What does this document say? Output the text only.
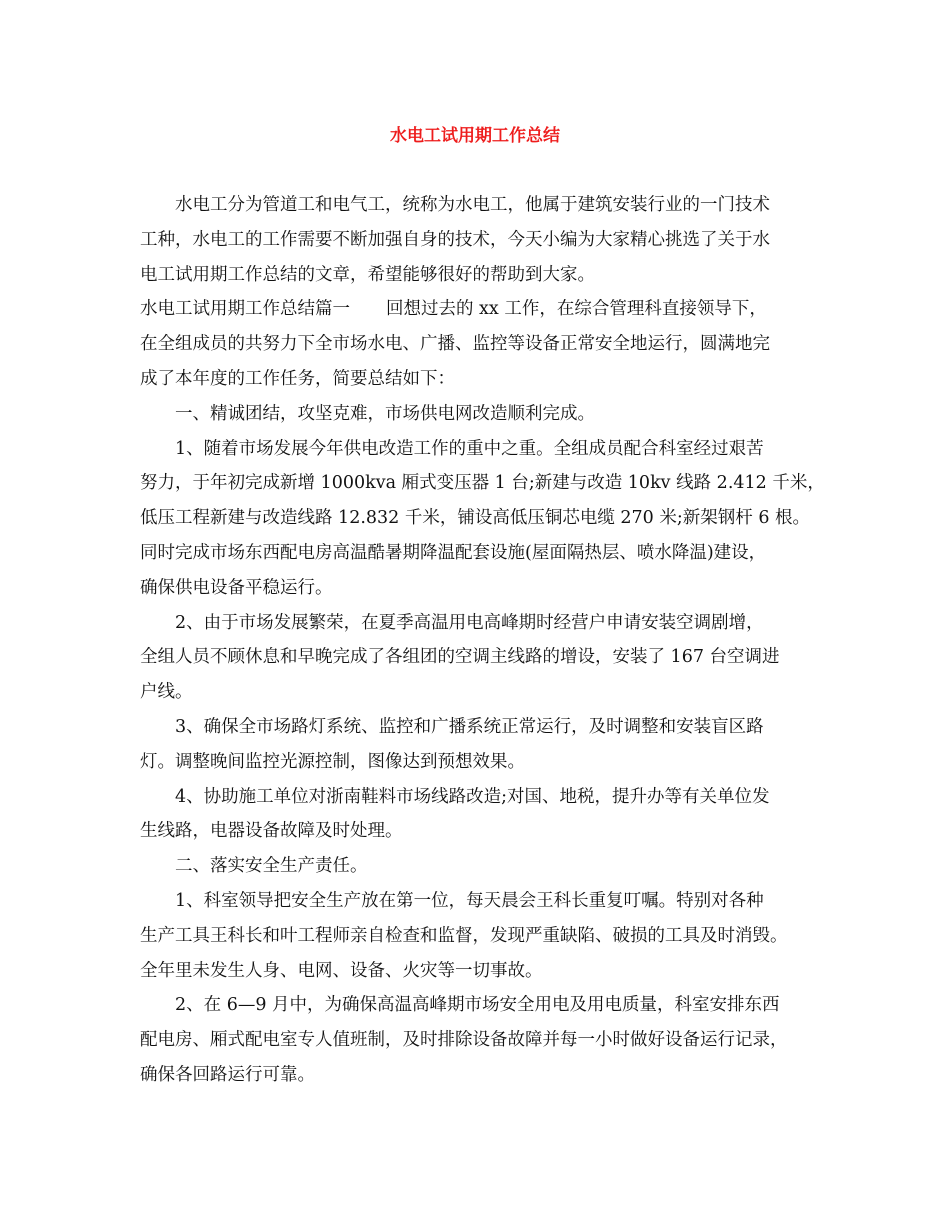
水电工试用期工作总结
水电工分为管道工和电气工，统称为水电工，他属于建筑安装行业的一门技术
工种，水电工的工作需要不断加强自身的技术，今天小编为大家精心挑选了关于水
电工试用期工作总结的文章，希望能够很好的帮助到大家。
水电工试用期工作总结篇一 回想过去的 xx 工作，在综合管理科直接领导下，
在全组成员的共努力下全市场水电、广播、监控等设备正常安全地运行，圆满地完
成了本年度的工作任务，简要总结如下：
一、精诚团结，攻坚克难，市场供电网改造顺利完成。
1、随着市场发展今年供电改造工作的重中之重。全组成员配合科室经过艰苦
努力，于年初完成新增 1000kva 厢式变压器 1 台;新建与改造 10kv 线路 2.412 千米，
低压工程新建与改造线路 12.832 千米，铺设高低压铜芯电缆 270 米;新架钢杆 6 根。
同时完成市场东西配电房高温酷暑期降温配套设施(屋面隔热层、喷水降温)建设，
确保供电设备平稳运行。
2、由于市场发展繁荣，在夏季高温用电高峰期时经营户申请安装空调剧增，
全组人员不顾休息和早晚完成了各组团的空调主线路的增设，安装了 167 台空调进
户线。
3、确保全市场路灯系统、监控和广播系统正常运行，及时调整和安装盲区路
灯。调整晚间监控光源控制，图像达到预想效果。
4、协助施工单位对浙南鞋料市场线路改造;对国、地税，提升办等有关单位发
生线路，电器设备故障及时处理。
二、落实安全生产责任。
1、科室领导把安全生产放在第一位，每天晨会王科长重复叮嘱。特别对各种
生产工具王科长和叶工程师亲自检查和监督，发现严重缺陷、破损的工具及时消毁。
全年里未发生人身、电网、设备、火灾等一切事故。
2、在 6—9 月中，为确保高温高峰期市场安全用电及用电质量，科室安排东西
配电房、厢式配电室专人值班制，及时排除设备故障并每一小时做好设备运行记录，
确保各回路运行可靠。
